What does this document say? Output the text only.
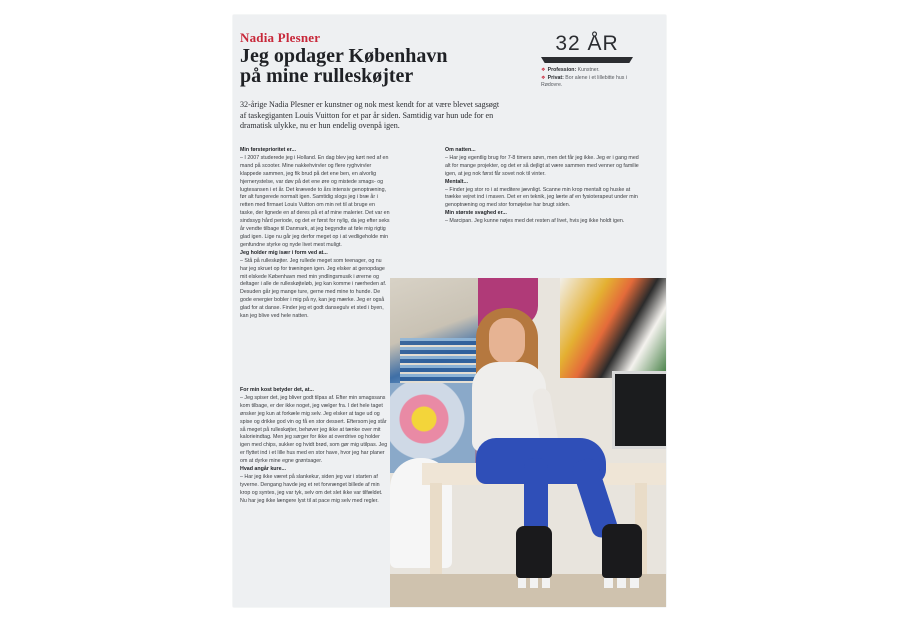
Nadia Plesner
Jeg opdager København
på mine rulleskøjter
32 ÅR
❖ Profession: Kunstner.
❖ Privat: Bor alene i et lillebitte hus i Rødovre.
32-årige Nadia Plesner er kunstner og nok mest kendt for at være blevet sagsøgt af taskegiganten Louis Vuitton for et par år siden. Samtidig var hun ude for en dramatisk ulykke, nu er hun endelig ovenpå igen.
Min førsteprioritet er...
– I 2007 studerede jeg i Holland. En dag blev jeg kørt ned af en mand på scooter. Mine nakkehvirvler og flere ryghvirvler klappede sammen, jeg fik brud på det ene ben, en alvorlig hjernerystelse, var døv på det ene øre og mistede smags- og lugtesansen i et år. Det krævede to års intensiv genoptræning, før alt fungerede normalt igen. Samtidig slogs jeg i bræ år i retten med firmaet Louis Vuitton om min ret til at bruge en taske, der lignede en af deres på et af mine malerier. Det var en sindssyg hård periode, og det er først for nylig, da jeg efter seks år vendte tilbage til Danmark, at jeg begyndte at føle mig rigtig glad igen. Lige nu går jeg derfor meget op i at vedligeholde min genfundne styrke og nyde livet mest muligt.
Jeg holder mig især i form ved at...
– Stå på rulleskøjter. Jeg rullede meget som teenager, og nu har jeg skruet op for træningen igen. Jeg elsker at genopdage mit elskede København med min yndlingsmusik i ørerne og deltager i alle de rulleskøjteløb, jeg kan komme i nærheden af. Desuden går jeg mange ture, gerne med mine to hunde. De gode energier bobler i mig på ny, kan jeg mærke. Jeg er også glad for at danse. Finder jeg et godt dansegulv et sted i byen, kan jeg blive ved hele natten.
Om natten...
– Har jeg egentlig brug for 7-8 timers søvn, men det får jeg ikke. Jeg er i gang med alt for mange projekter, og det er så dejligt at være sammen med venner og familie igen, at jeg nok først får sovet nok til vinter.
Mentalt...
– Finder jeg stor ro i at meditere jævnligt. Scanne min krop mentalt og huske at trække vejret ind i maven. Det er en teknik, jeg lærte af en fysioterapeut under min genoptræning og med stor fornøjelse har brugt siden.
Min største svaghed er...
– Marcipan. Jeg kunne nøjes med det resten af livet, hvis jeg ikke holdt igen.
For min kost betyder det, at...
– Jeg spiser det, jeg bliver godt tilpas af. Efter min smagssans kom tilbage, er der ikke noget, jeg vælger fra. I det hele taget ønsker jeg kun at forkæle mig selv. Jeg elsker at tage ud og spise og drikke god vin og få en stor dessert. Eftersom jeg står så meget på rulleskøjter, behøver jeg ikke at tænke over mit kalorieindtag. Men jeg sørger for ikke at overdrive og holder igen med chips, sukker og hvidt brød, som gør mig utilpas. Jeg er flyttet ind i et lille hus med en stor have, hvor jeg har planer om at dyrke mine egne grøntsager.
Hvad angår kure...
– Har jeg ikke været på slankekur, siden jeg var i starten af tyverne. Dengang havde jeg et ret forvrænget billede af min krop og syntes, jeg var tyk, selv om det slet ikke var tilfældet. Nu har jeg ikke længere lyst til at pace mig selv med regler.
